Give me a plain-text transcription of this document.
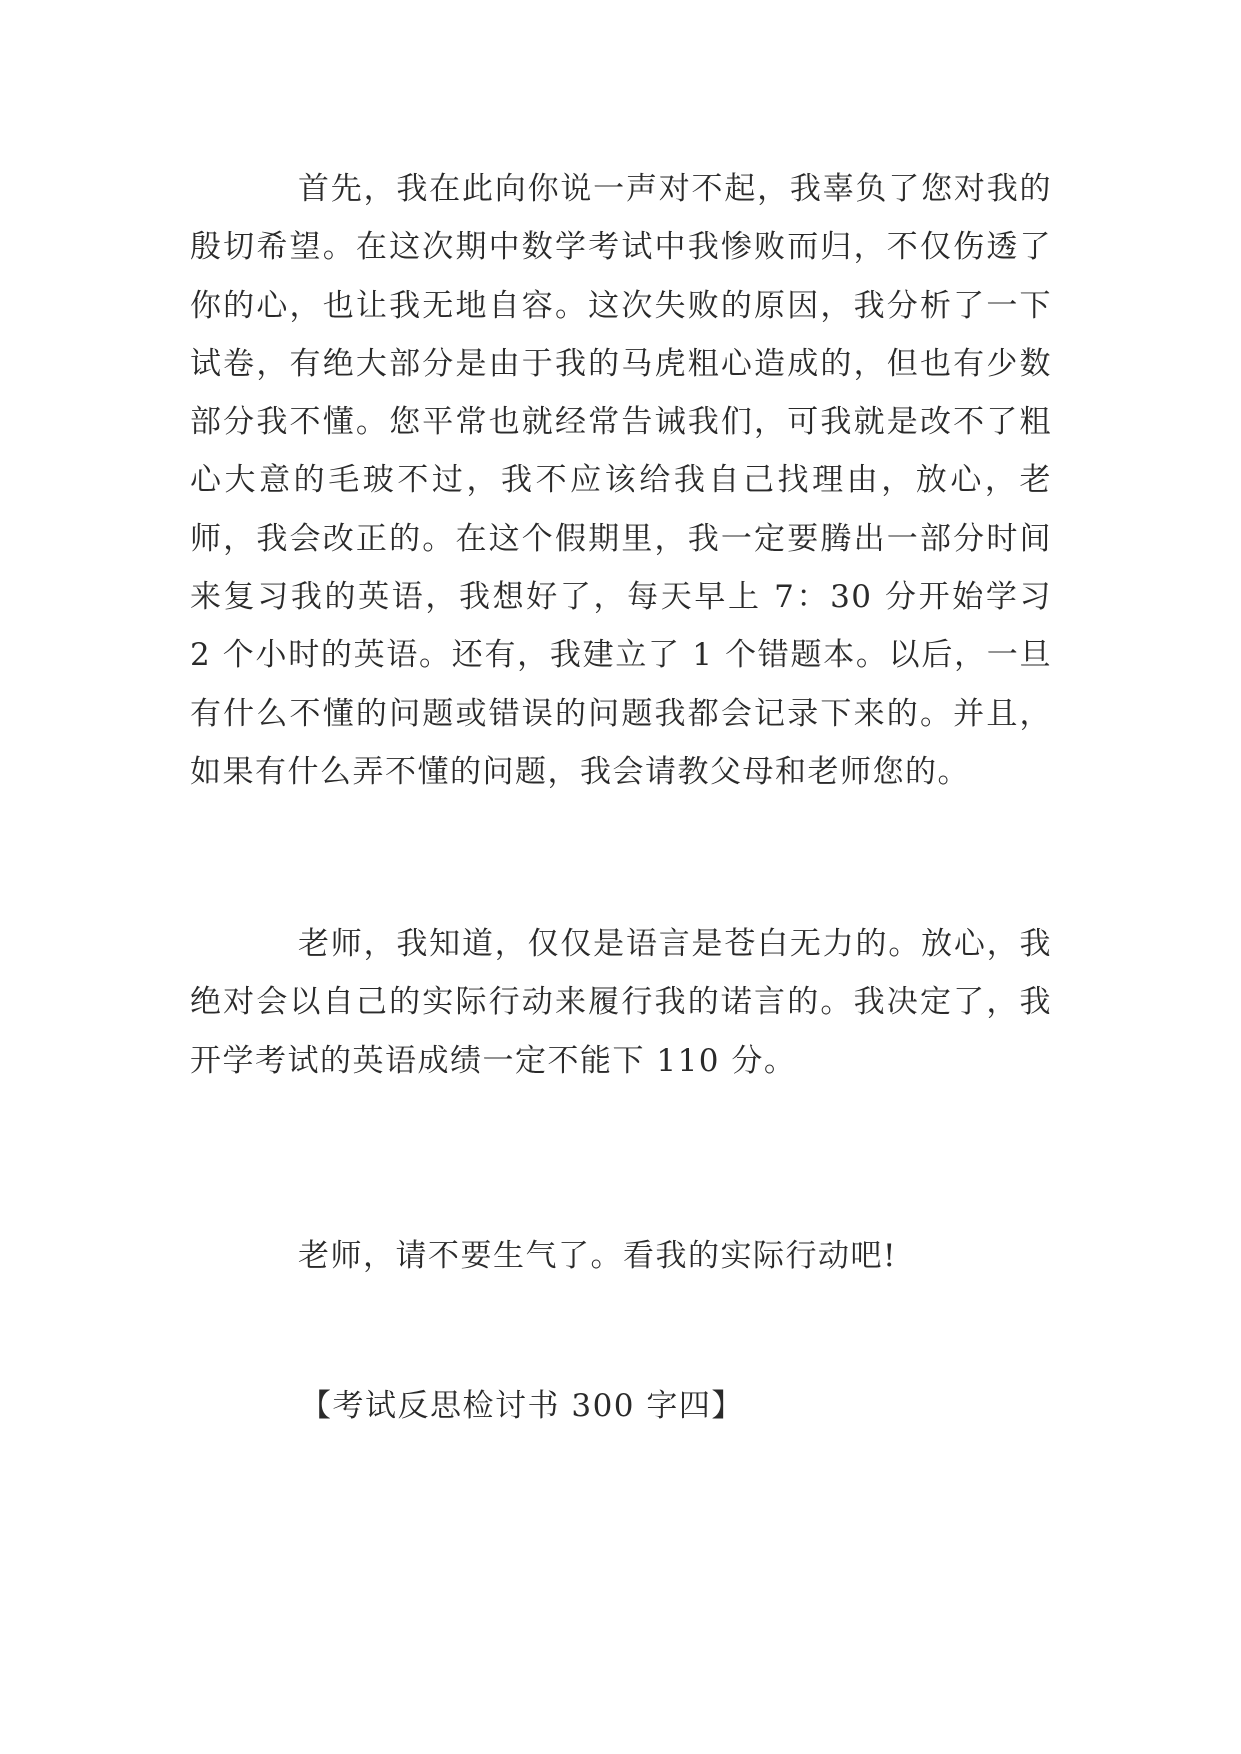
首先，我在此向你说一声对不起，我辜负了您对我的殷切希望。在这次期中数学考试中我惨败而归，不仅伤透了你的心，也让我无地自容。这次失败的原因，我分析了一下试卷，有绝大部分是由于我的马虎粗心造成的，但也有少数部分我不懂。您平常也就经常告诫我们，可我就是改不了粗心大意的毛玻不过，我不应该给我自己找理由，放心，老师，我会改正的。在这个假期里，我一定要腾出一部分时间来复习我的英语，我想好了，每天早上 7：30 分开始学习 2 个小时的英语。还有，我建立了 1 个错题本。以后，一旦有什么不懂的问题或错误的问题我都会记录下来的。并且，如果有什么弄不懂的问题，我会请教父母和老师您的。

老师，我知道，仅仅是语言是苍白无力的。放心，我绝对会以自己的实际行动来履行我的诺言的。我决定了，我开学考试的英语成绩一定不能下 110 分。

老师，请不要生气了。看我的实际行动吧!

【考试反思检讨书 300 字四】
